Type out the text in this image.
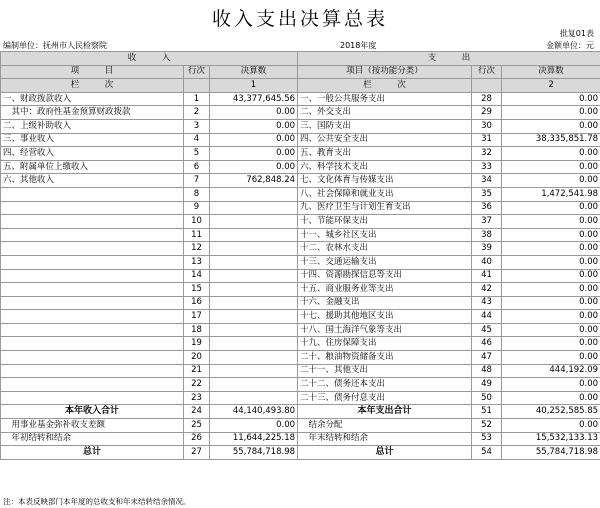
收入支出决算总表
批复01表
编制单位：抚州市人民检察院	2018年度	金额单位：元
收　　　入			支　　　出		
项　　　目	行次	决算数	项目（按功能分类）	行次	决算数
栏　　　次		1	栏　　　次		2
一、财政拨款收入	1	43,377,645.56	一、一般公共服务支出	28	0.00
　其中：政府性基金预算财政拨款	2	0.00	二、外交支出	29	0.00
二、上级补助收入	3	0.00	三、国防支出	30	0.00
三、事业收入	4	0.00	四、公共安全支出	31	38,335,851.78
四、经营收入	5	0.00	五、教育支出	32	0.00
五、附属单位上缴收入	6	0.00	六、科学技术支出	33	0.00
六、其他收入	7	762,848.24	七、文化体育与传媒支出	34	0.00
	8		八、社会保障和就业支出	35	1,472,541.98
	9		九、医疗卫生与计划生育支出	36	0.00
	10		十、节能环保支出	37	0.00
	11		十一、城乡社区支出	38	0.00
	12		十二、农林水支出	39	0.00
	13		十三、交通运输支出	40	0.00
	14		十四、资源勘探信息等支出	41	0.00
	15		十五、商业服务业等支出	42	0.00
	16		十六、金融支出	43	0.00
	17		十七、援助其他地区支出	44	0.00
	18		十八、国土海洋气象等支出	45	0.00
	19		十九、住房保障支出	46	0.00
	20		二十、粮油物资储备支出	47	0.00
	21		二十一、其他支出	48	444,192.09
	22		二十二、债务还本支出	49	0.00
	23		二十三、债务付息支出	50	0.00
本年收入合计	24	44,140,493.80	本年支出合计	51	40,252,585.85
　用事业基金弥补收支差额	25	0.00	　结余分配	52	0.00
　年初结转和结余	26	11,644,225.18	　年末结转和结余	53	15,532,133.13
总计	27	55,784,718.98	总计	54	55,784,718.98
注：本表反映部门本年度的总收支和年末结转结余情况。
